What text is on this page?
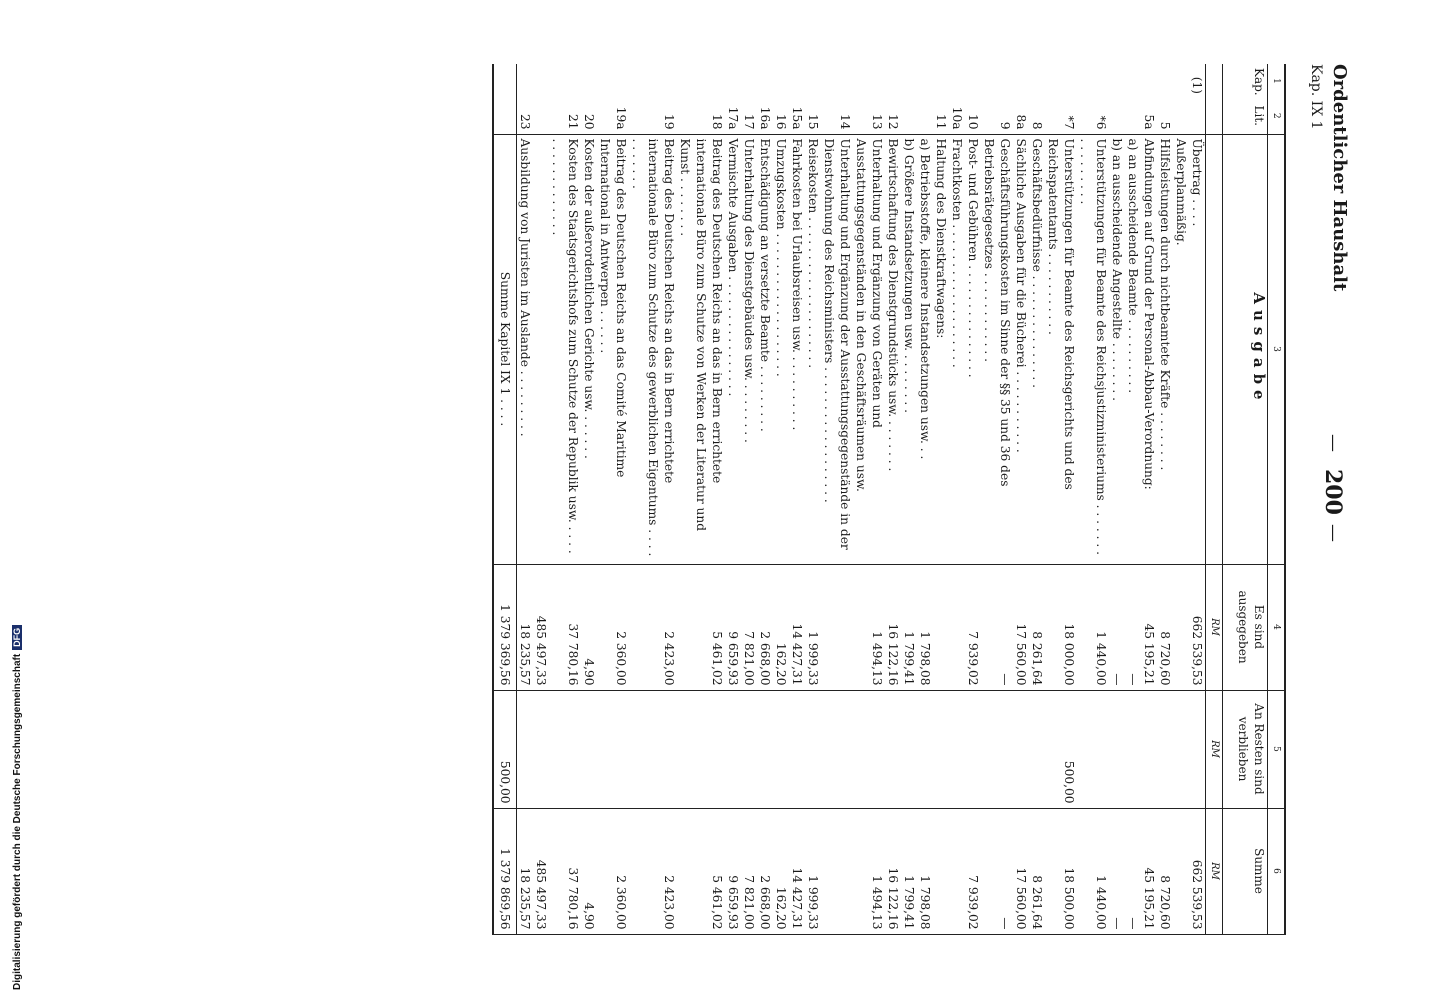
Digitalisierung gefördert durch die Deutsche ForschungsgemeinschaftDFG
Ordentlicher Haushalt
Kap. IX 1
—
200
—
1	2	3	4	5	6
Kap.	Lit.	Ausgabe	Es sind ausgegeben	An Resten sind verblieben	Summe
			RM	RM	RM
(1)		Übertrag . . . .	662 539,53		662 539,53
		Außerplanmäßig.			
	5	Hilfsleistungen durch nichtbeamtete Kräfte . . . . . . . .	8 720,60		8 720,60
	5a	Abfindungen auf Grund der Personal-Abbau-Verordnung:	45 195,21		45 195,21
		a) an ausscheidende Beamte . . . . . . . . . .	—		—
		b) an ausscheidende Angestellte . . . . . . . .	—		—
	*6	Unterstützungen für Beamte des Reichsjustizministeriums . . . . . . . . . . . . . . . .	1 440,00		1 440,00
	*7	Unterstützungen für Beamte des Reichsgerichts und des Reichspatentamts . . . . . . . . . . .	18 000,00	500,00	18 500,00
	8	Geschäftsbedürfnisse . . . . . . . . . . . . . . .	8 261,64		8 261,64
	8a	Sächliche Ausgaben für die Bücherei . . . . . . . . . . .	17 560,00		17 560,00
	9	Geschäftsführungskosten im Sinne der §§ 35 und 36 des Betriebsrätegesetzes . . . . . . . . . . . .	—		—
	10	Post- und Gebühren . . . . . . . . . . . . . . .	7 939,02		7 939,02
	10a	Frachtkosten . . . . . . . . . . . . . . . . . . .			
	11	Haltung des Dienstkraftwagens:			
		a) Betriebsstoffe, kleinere Instandsetzungen usw. . .	1 798,08		1 798,08
		b) Größere Instandsetzungen usw. . . . . . . . .	1 799,41		1 799,41
	12	Bewirtschaftung des Dienstgrundstücks usw. . . . . . . .	16 122,16		16 122,16
	13	Unterhaltung und Ergänzung von Geräten und Ausstattungsgegenständen in den Geschäftsräumen usw.	1 494,13		1 494,13
	14	Unterhaltung und Ergänzung der Ausstattungsgegenstände in der Dienstwohnung des Reichsministers . . . . . . . . . . . . . . . . . .			
	15	Reisekosten . . . . . . . . . . . . . . . . . . . .	1 999,33		1 999,33
	15a	Fahrkosten bei Urlaubsreisen usw. . . . . . . . . . .	14 427,31		14 427,31
	16	Umzugskosten . . . . . . . . . . . . . . . . . . .	162,20		162,20
	16a	Entschädigung an versetzte Beamte . . . . . . . . .	2 668,00		2 668,00
	17	Unterhaltung des Dienstgebäudes usw. . . . . . . . .	7 821,00		7 821,00
	17a	Vermischte Ausgaben . . . . . . . . . . . . . . . .	9 659,93		9 659,93
	18	Beitrag des Deutschen Reichs an das in Bern errichtete internationale Büro zum Schutze von Werken der Literatur und Kunst . . . . . . . .	5 461,02		5 461,02
	19	Beitrag des Deutschen Reichs an das in Bern errichtete internationale Büro zum Schutze des gewerblichen Eigentums . . . . . . . . . . .	2 423,00		2 423,00
	19a	Beitrag des Deutschen Reichs an das Comité Maritime International in Antwerpen . . . . . .	2 360,00		2 360,00
	20	Kosten der außerordentlichen Gerichte usw. . . . . . .	4,90		4,90
	21	Kosten des Staatsgerichtshofs zum Schutze der Republik usw. . . . . . . . . . . . . . . . . .	37 780,16		37 780,16
			485 497,33		485 497,33
	23	Ausbildung von Juristen im Auslande . . . . . . . . .	18 235,57		18 235,57
		Summe Kapitel IX 1 . . . .	1 379 369,56	500,00	1 379 869,56
